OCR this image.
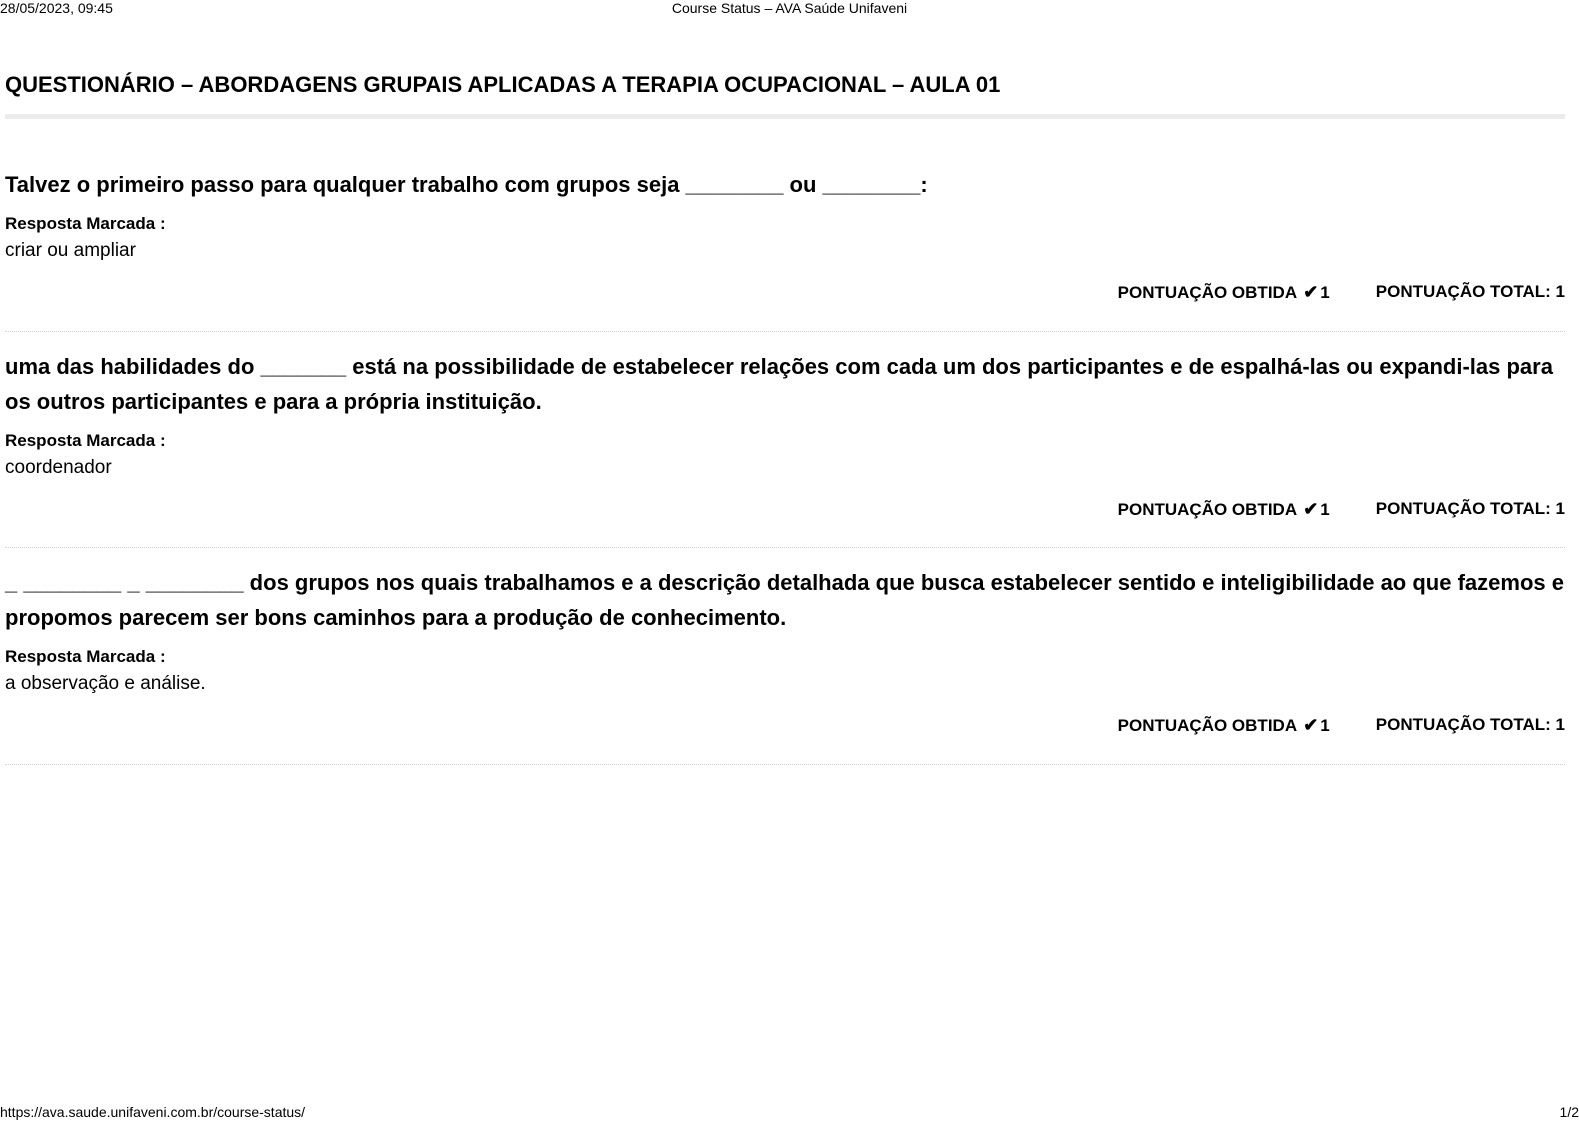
28/05/2023, 09:45	Course Status – AVA Saúde Unifaveni
QUESTIONÁRIO – ABORDAGENS GRUPAIS APLICADAS A TERAPIA OCUPACIONAL – AULA 01

Talvez o primeiro passo para qualquer trabalho com grupos seja ________ ou ________:

Resposta Marcada :
criar ou ampliar
PONTUAÇÃO OBTIDA ✔ 1	PONTUAÇÃO TOTAL: 1

uma das habilidades do _______ está na possibilidade de estabelecer relações com cada um dos participantes e de espalhá-las ou expandi-las para os outros participantes e para a própria instituição.

Resposta Marcada :
coordenador
PONTUAÇÃO OBTIDA ✔ 1	PONTUAÇÃO TOTAL: 1

_ ________ _ ________ dos grupos nos quais trabalhamos e a descrição detalhada que busca estabelecer sentido e inteligibilidade ao que fazemos e propomos parecem ser bons caminhos para a produção de conhecimento.

Resposta Marcada :
a observação e análise.
PONTUAÇÃO OBTIDA ✔ 1	PONTUAÇÃO TOTAL: 1
https://ava.saude.unifaveni.com.br/course-status/	1/2
